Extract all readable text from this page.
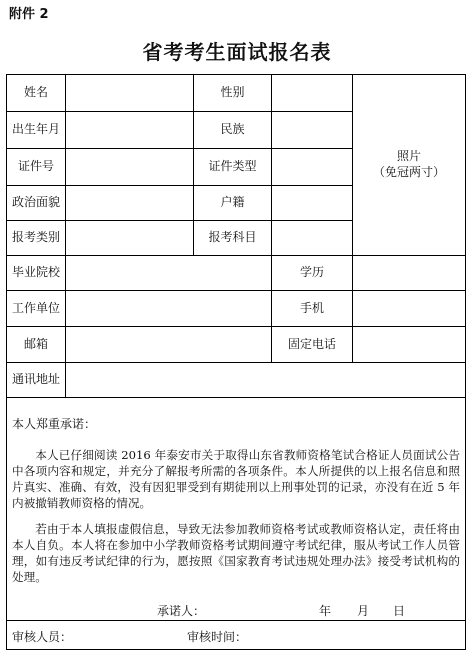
附件 2
省考考生面试报名表
姓名	性别
出生年月	民族
证件号	证件类型
政治面貌	户籍
报考类别	报考科目
照片
（免冠两寸）
毕业院校	学历
工作单位	手机
邮箱	固定电话
通讯地址
本人郑重承诺：
本人已仔细阅读 2016 年泰安市关于取得山东省教师资格笔试合格证人员面试公告中各项内容和规定，并充分了解报考所需的各项条件。本人所提供的以上报名信息和照片真实、准确、有效，没有因犯罪受到有期徒刑以上刑事处罚的记录，亦没有在近 5 年内被撤销教师资格的情况。
若由于本人填报虚假信息，导致无法参加教师资格考试或教师资格认定，责任将由本人自负。本人将在参加中小学教师资格考试期间遵守考试纪律，服从考试工作人员管理，如有违反考试纪律的行为，愿按照《国家教育考试违规处理办法》接受考试机构的处理。
承诺人：	年 月 日
审核人员：	审核时间：
